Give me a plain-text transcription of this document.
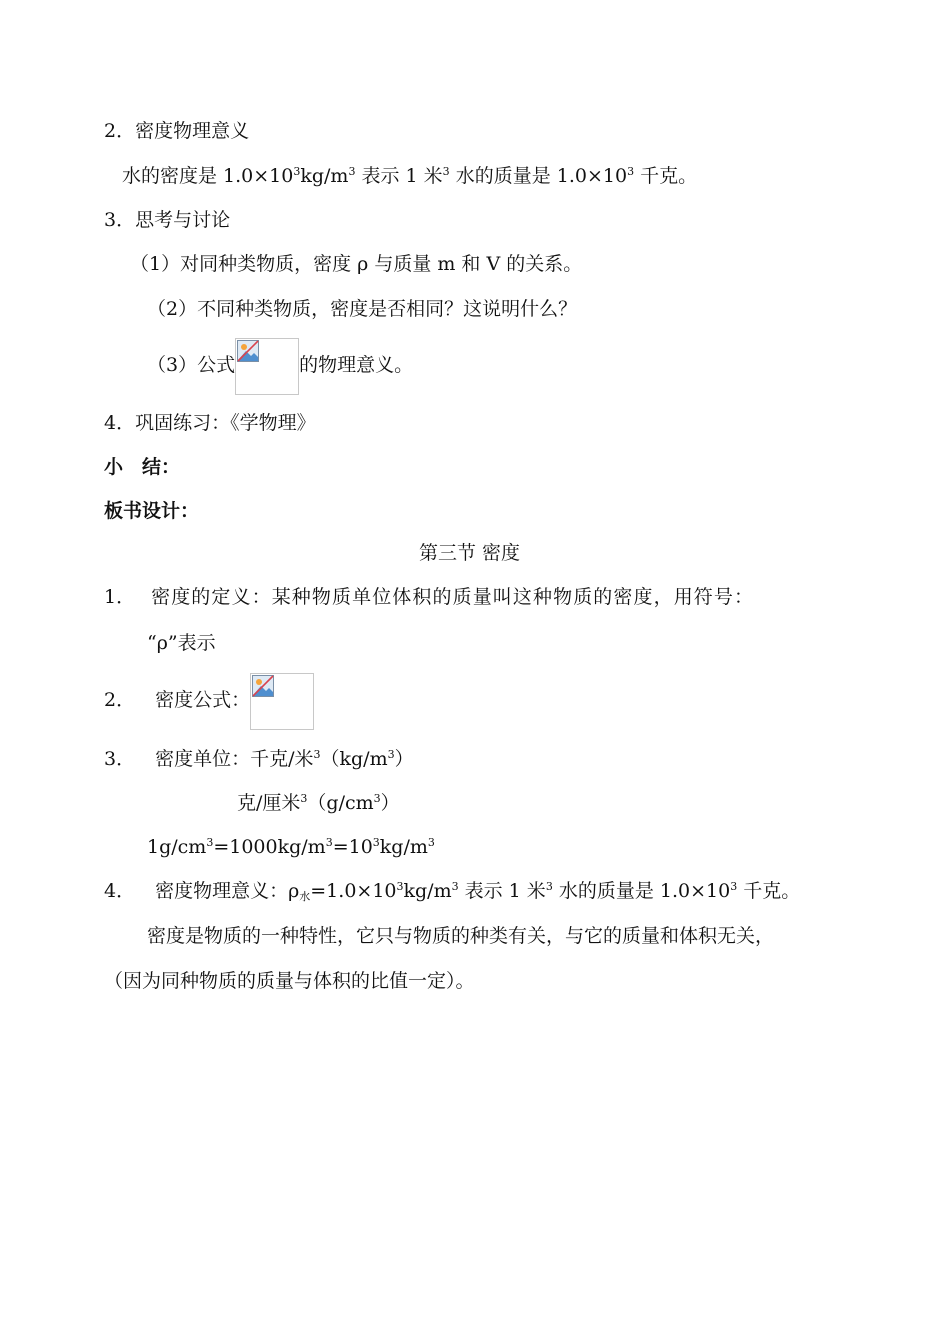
2．密度物理意义
水的密度是 $1.0\times 10^3kg/m^3$ 表示 1 米$^3$ 水的质量是 $1.0\times 10^3$ 千克。
3．思考与讨论
（1）对同种类物质，密度 ρ 与质量 m 和 V 的关系。
（2）不同种类物质，密度是否相同？这说明什么？
（3）公式	的物理意义。
4．巩固练习：《学物理》
小　结：
板书设计：
第三节 密度
1． 密度的定义：某种物质单位体积的质量叫这种物质的密度，用符号：
“ρ”表示
2． 密度公式：
3． 密度单位：千克/米$^3(kg/m^3)$
克/厘米$^3(g/cm^3)$
$1g/cm^3=1000kg/m^3=10^3kg/m^3$
4． 密度物理意义：$\rho_水=1.0\times 10^3kg/m^3$ 表示 1 米$^3$ 水的质量是 $1.0\times 10^3$ 千克。
密度是物质的一种特性，它只与物质的种类有关，与它的质量和体积无关，
（因为同种物质的质量与体积的比值一定）。
